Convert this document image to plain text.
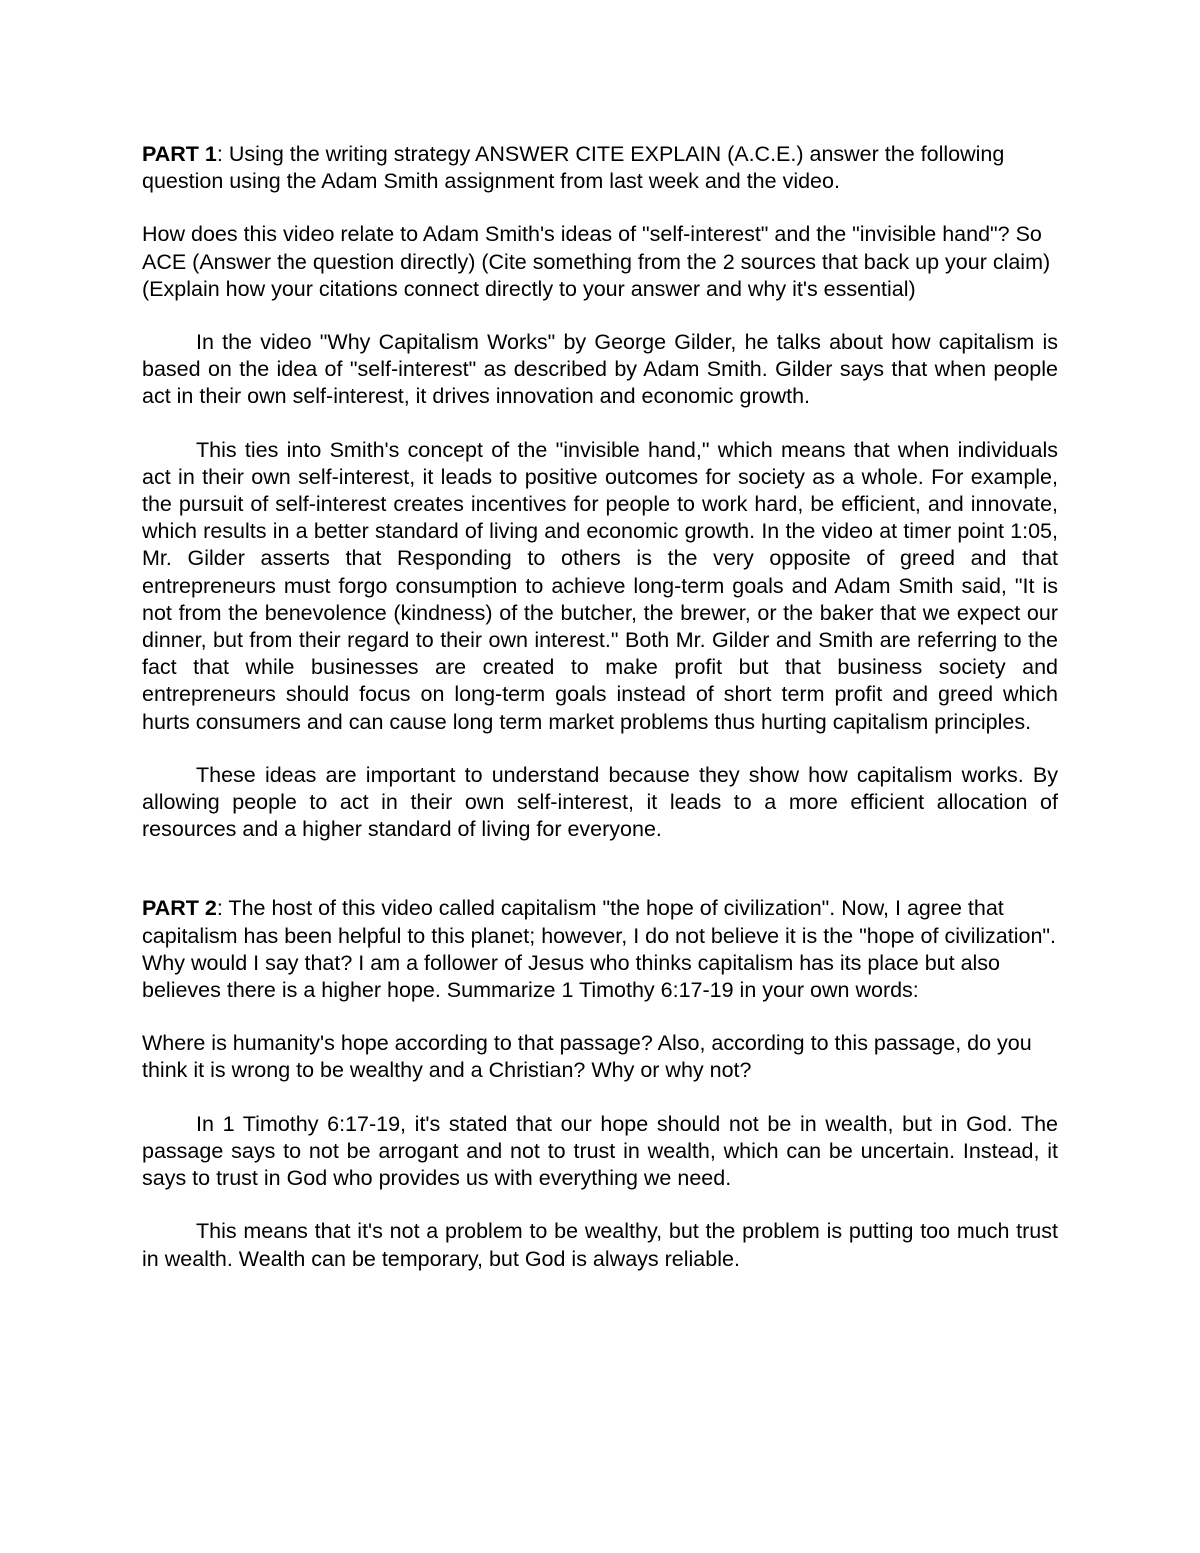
PART 1: Using the writing strategy ANSWER CITE EXPLAIN (A.C.E.) answer the following question using the Adam Smith assignment from last week and the video.

How does this video relate to Adam Smith's ideas of "self-interest" and the "invisible hand"? So ACE (Answer the question directly) (Cite something from the 2 sources that back up your claim) (Explain how your citations connect directly to your answer and why it's essential)

In the video "Why Capitalism Works" by George Gilder, he talks about how capitalism is based on the idea of "self-interest" as described by Adam Smith. Gilder says that when people act in their own self-interest, it drives innovation and economic growth.

This ties into Smith's concept of the "invisible hand," which means that when individuals act in their own self-interest, it leads to positive outcomes for society as a whole. For example, the pursuit of self-interest creates incentives for people to work hard, be efficient, and innovate, which results in a better standard of living and economic growth. In the video at timer point 1:05, Mr. Gilder asserts that Responding to others is the very opposite of greed and that entrepreneurs must forgo consumption to achieve long-term goals and Adam Smith said, "It is not from the benevolence (kindness) of the butcher, the brewer, or the baker that we expect our dinner, but from their regard to their own interest." Both Mr. Gilder and Smith are referring to the fact that while businesses are created to make profit but that business society and entrepreneurs should focus on long-term goals instead of short term profit and greed which hurts consumers and can cause long term market problems thus hurting capitalism principles.

These ideas are important to understand because they show how capitalism works. By allowing people to act in their own self-interest, it leads to a more efficient allocation of resources and a higher standard of living for everyone.

PART 2: The host of this video called capitalism "the hope of civilization". Now, I agree that capitalism has been helpful to this planet; however, I do not believe it is the "hope of civilization". Why would I say that? I am a follower of Jesus who thinks capitalism has its place but also believes there is a higher hope. Summarize 1 Timothy 6:17-19 in your own words:

Where is humanity's hope according to that passage? Also, according to this passage, do you think it is wrong to be wealthy and a Christian? Why or why not?

In 1 Timothy 6:17-19, it's stated that our hope should not be in wealth, but in God. The passage says to not be arrogant and not to trust in wealth, which can be uncertain. Instead, it says to trust in God who provides us with everything we need.

This means that it's not a problem to be wealthy, but the problem is putting too much trust in wealth. Wealth can be temporary, but God is always reliable.
